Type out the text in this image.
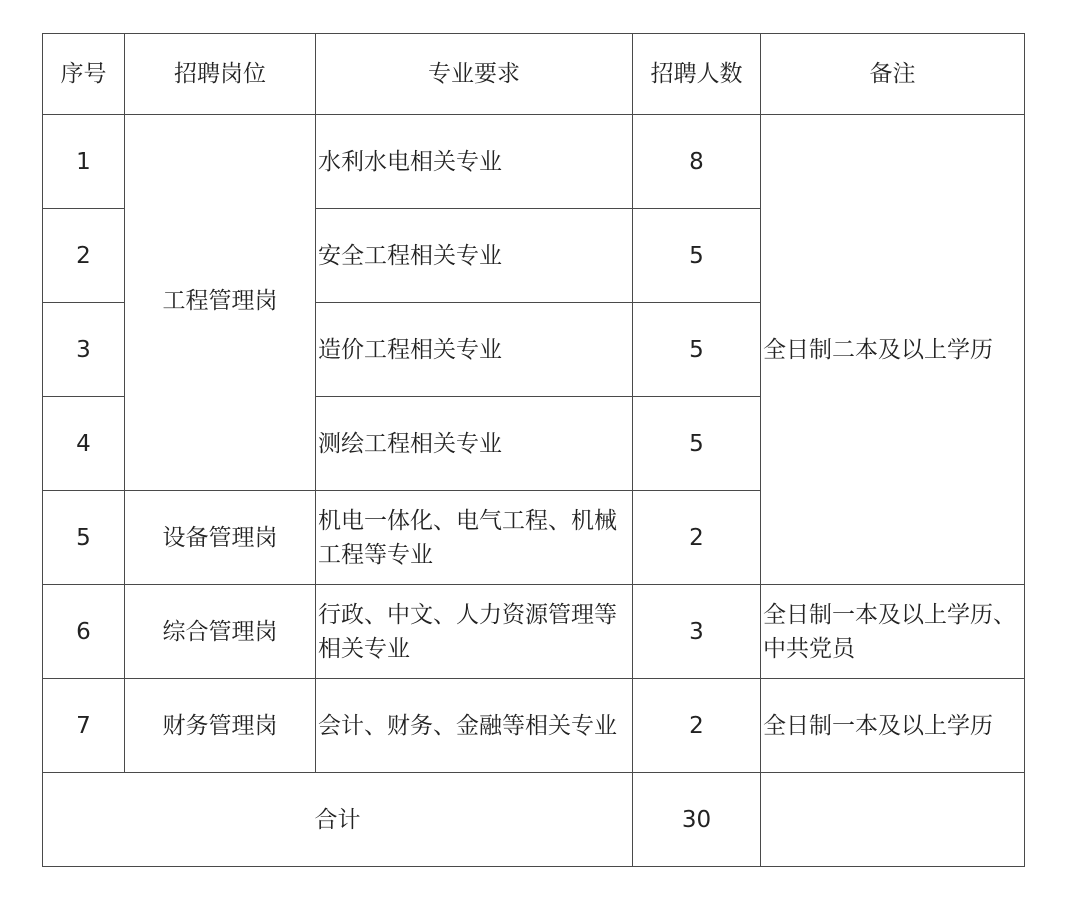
序号	招聘岗位	专业要求	招聘人数	备注
1	工程管理岗	水利水电相关专业	8	全日制二本及以上学历
2		安全工程相关专业	5	
3		造价工程相关专业	5	
4		测绘工程相关专业	5	
5	设备管理岗	机电一体化、电气工程、机械工程等专业	2	
6	综合管理岗	行政、中文、人力资源管理等相关专业	3	全日制一本及以上学历、中共党员
7	财务管理岗	会计、财务、金融等相关专业	2	全日制一本及以上学历
合计			30	
